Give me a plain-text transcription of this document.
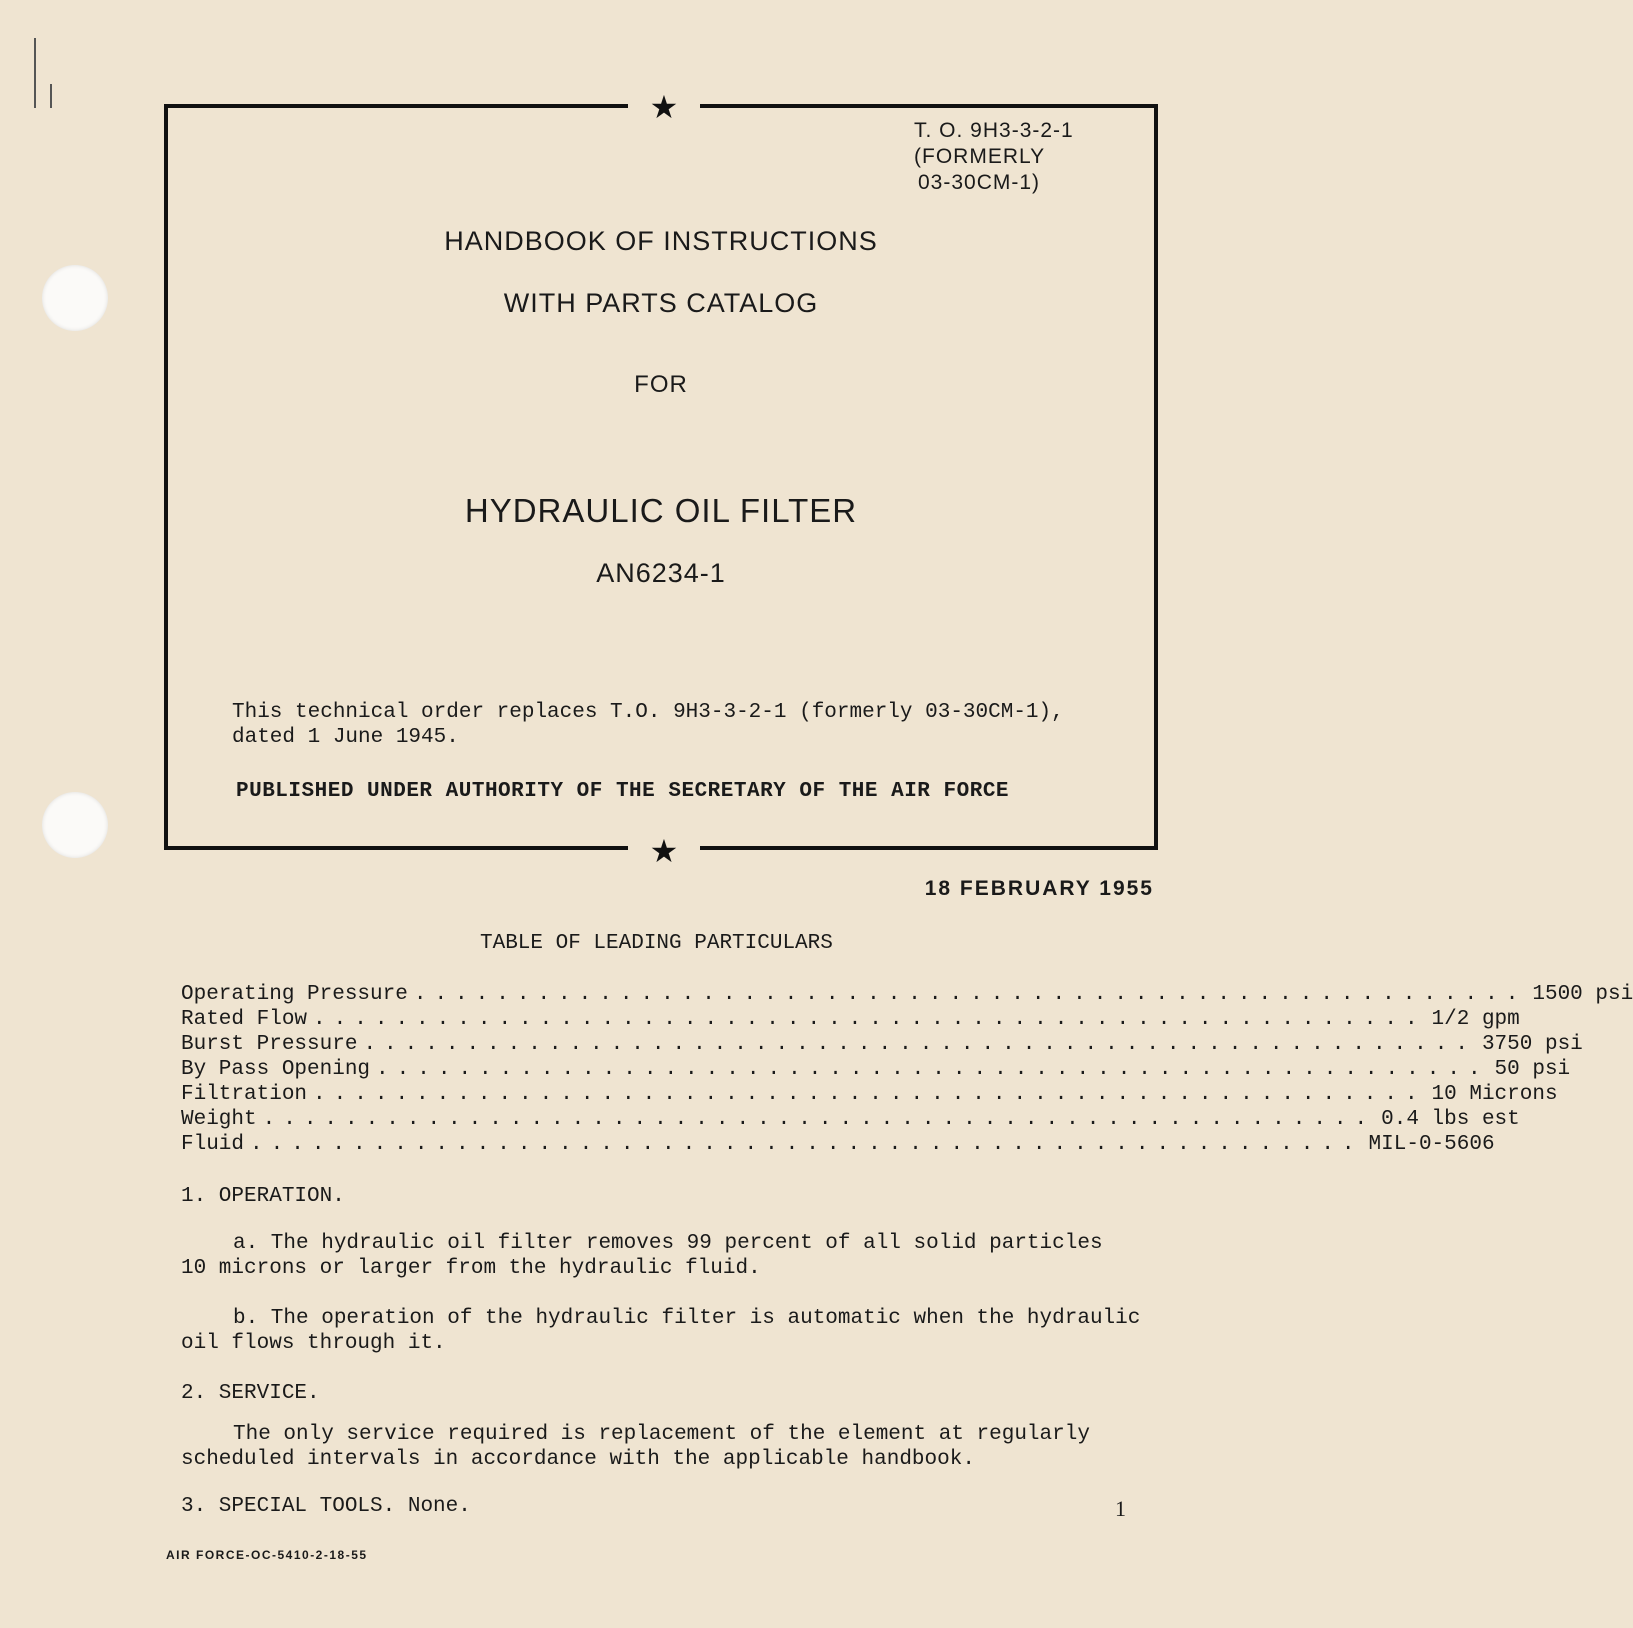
★
★
T. O. 9H3-3-2-1
(FORMERLY
03-30CM-1)
HANDBOOK OF INSTRUCTIONS
WITH PARTS CATALOG
FOR
HYDRAULIC OIL FILTER
AN6234-1
This technical order replaces T.O. 9H3-3-2-1 (formerly 03-30CM-1),
dated 1 June 1945.
PUBLISHED UNDER AUTHORITY OF THE SECRETARY OF THE AIR FORCE
18 FEBRUARY 1955
TABLE OF LEADING PARTICULARS
Operating Pressure ...................................................... 1500 psi
Rated Flow ...................................................... 1/2 gpm
Burst Pressure ...................................................... 3750 psi
By Pass Opening ...................................................... 50 psi
Filtration ...................................................... 10 Microns
Weight ...................................................... 0.4 lbs est
Fluid ...................................................... MIL-0-5606
1. OPERATION.
a. The hydraulic oil filter removes 99 percent of all solid particles
10 microns or larger from the hydraulic fluid.
b. The operation of the hydraulic filter is automatic when the hydraulic
oil flows through it.
2. SERVICE.
The only service required is replacement of the element at regularly
scheduled intervals in accordance with the applicable handbook.
3. SPECIAL TOOLS. None.	1
AIR FORCE-OC-5410-2-18-55
